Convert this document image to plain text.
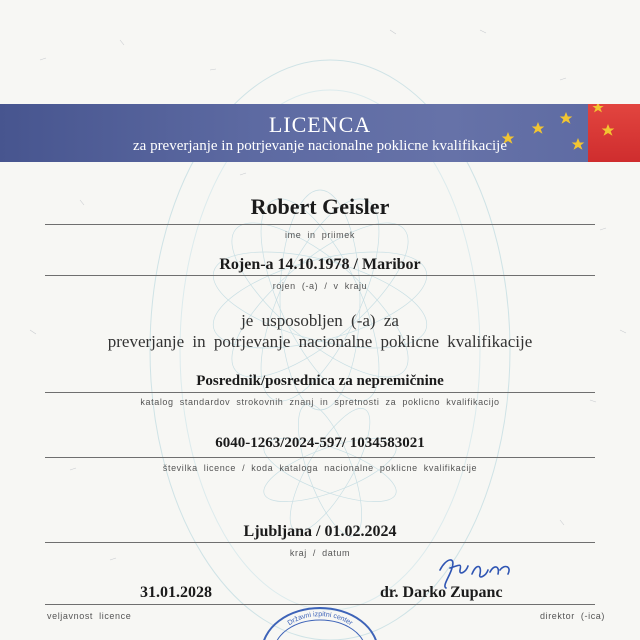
LICENCA
za preverjanje in potrjevanje nacionalne poklicne kvalifikacije
Robert Geisler
ime in priimek
Rojen-a 14.10.1978 / Maribor
rojen (-a) / v kraju
je usposobljen (-a) za
preverjanje in potrjevanje nacionalne poklicne kvalifikacije
Posrednik/posrednica za nepremičnine
katalog standardov strokovnih znanj in spretnosti za poklicno kvalifikacijo
6040-1263/2024-597/ 1034583021
številka licence / koda kataloga nacionalne poklicne kvalifikacije
Ljubljana / 01.02.2024
kraj / datum
31.01.2028	dr. Darko Zupanc
veljavnost licence	direktor (-ica)
Državni izpitni center
